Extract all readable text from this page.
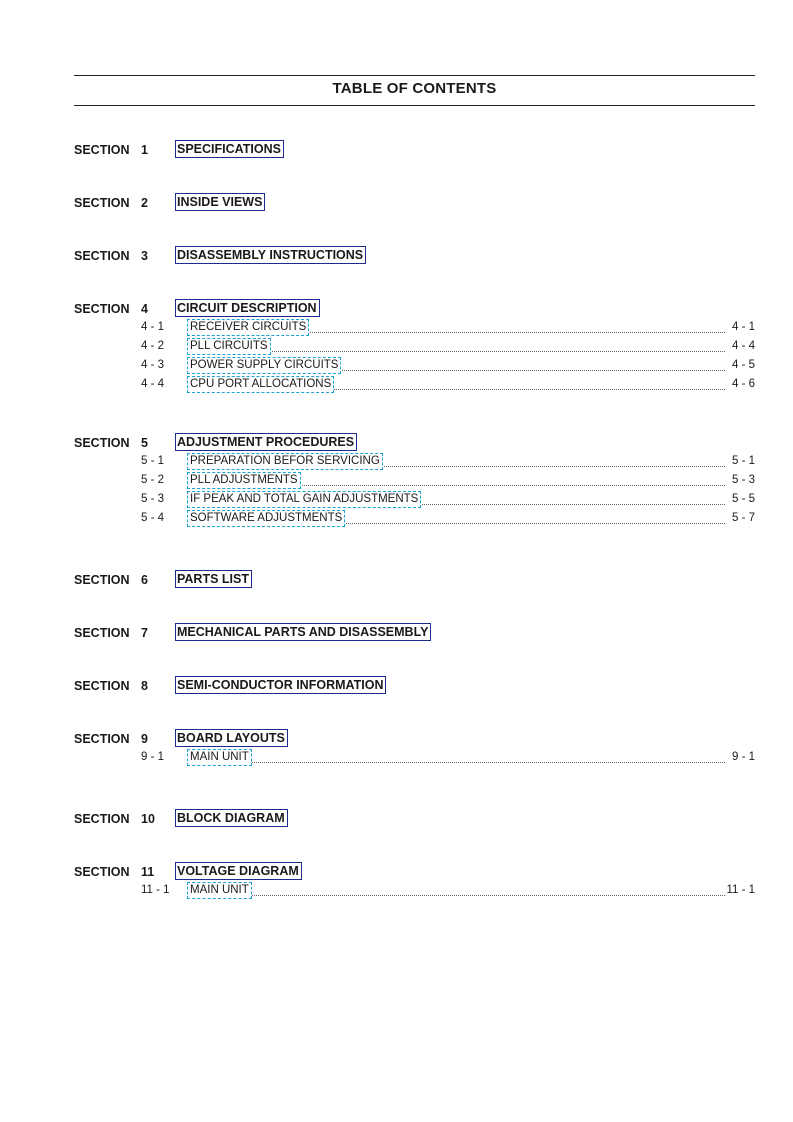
TABLE OF CONTENTS
SECTION 1 SPECIFICATIONS
SECTION 2 INSIDE VIEWS
SECTION 3 DISASSEMBLY INSTRUCTIONS
SECTION 4 CIRCUIT DESCRIPTION
4 - 1 RECEIVER CIRCUITS	4 - 1
4 - 2 PLL CIRCUITS	4 - 4
4 - 3 POWER SUPPLY CIRCUITS	4 - 5
4 - 4 CPU PORT ALLOCATIONS	4 - 6
SECTION 5 ADJUSTMENT PROCEDURES
5 - 1 PREPARATION BEFOR SERVICING	5 - 1
5 - 2 PLL ADJUSTMENTS	5 - 3
5 - 3 IF PEAK AND TOTAL GAIN ADJUSTMENTS	5 - 5
5 - 4 SOFTWARE ADJUSTMENTS	5 - 7
SECTION 6 PARTS LIST
SECTION 7 MECHANICAL PARTS AND DISASSEMBLY
SECTION 8 SEMI-CONDUCTOR INFORMATION
SECTION 9 BOARD LAYOUTS
9 - 1 MAIN UNIT	9 - 1
SECTION 10 BLOCK DIAGRAM
SECTION 11 VOLTAGE DIAGRAM
11 - 1 MAIN UNIT	11 - 1
